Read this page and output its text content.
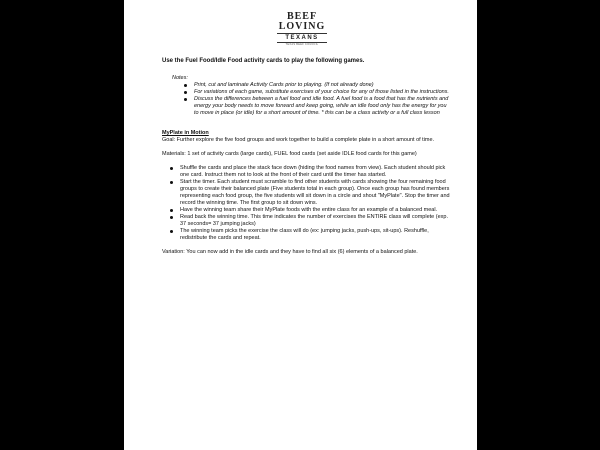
BEEF
LOVING
TEXANS
TEXAS BEEF COUNCIL
Use the Fuel Food/Idle Food activity cards to play the following games.
Notes:
Print, cut and laminate Activity Cards prior to playing. (If not already done)
For variations of each game, substitute exercises of your choice for any of those listed in the instructions.
Discuss the differences between a fuel food and idle food. A fuel food is a food that has the nutrients and energy your body needs to move forward and keep going, while an idle food only has the energy for you to move in place (or idle) for a short amount of time. * this can be a class activity or a full class lesson
MyPlate in Motion
Goal: Further explore the five food groups and work together to build a complete plate in a short amount of time.
Materials: 1 set of activity cards (large cards), FUEL food cards (set aside IDLE food cards for this game)
Shuffle the cards and place the stack face down (hiding the food names from view). Each student should pick one card. Instruct them not to look at the front of their card until the timer has started.
Start the timer. Each student must scramble to find other students with cards showing the four remaining food groups to create their balanced plate (Five students total in each group). Once each group has found members representing each food group, the five students will sit down in a circle and shout "MyPlate". Stop the timer and record the winning time. The first group to sit down wins.
Have the winning team share their MyPlate foods with the entire class for an example of a balanced meal.
Read back the winning time. This time indicates the number of exercises the ENTIRE class will complete (exp. 37 seconds= 37 jumping jacks)
The winning team picks the exercise the class will do (ex: jumping jacks, push-ups, sit-ups). Reshuffle, redistribute the cards and repeat.
Variation: You can now add in the idle cards and they have to find all six (6) elements of a balanced plate.
